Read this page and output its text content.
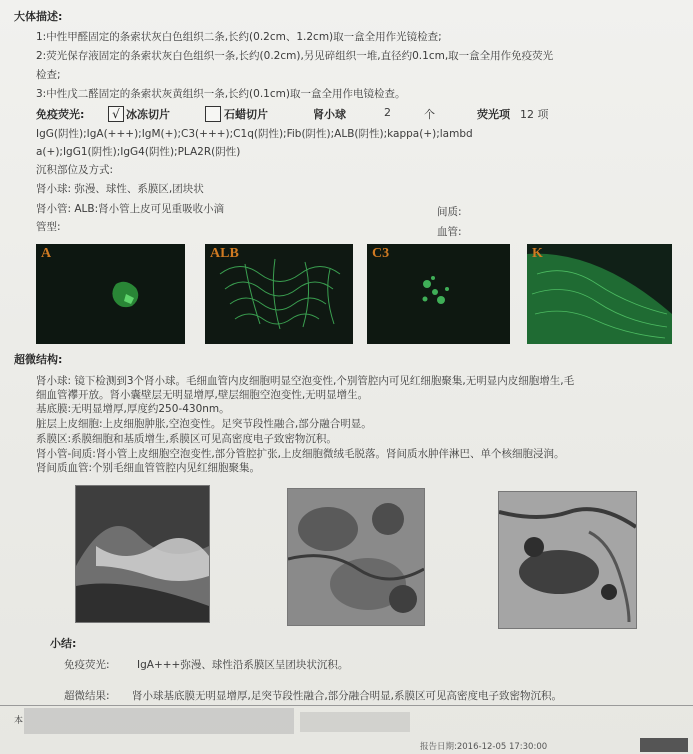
大体描述:
1:中性甲醛固定的条索状灰白色组织二条,长约(0.2cm、1.2cm)取一盒全用作光镜检查;
2:荧光保存液固定的条索状灰白色组织一条,长约(0.2cm),另见碎组织一堆,直径约0.1cm,取一盒全用作免疫荧光
检查;
3:中性戊二醛固定的条索状灰黄组织一条,长约(0.1cm)取一盒全用作电镜检查。
免疫荧光:	√ 冰冻切片	石蜡切片	肾小球	2	个	荧光项 12 项
IgG(阴性);IgA(+++);IgM(+);C3(+++);C1q(阴性);Fib(阴性);ALB(阴性);kappa(+);lambd
a(+);IgG1(阴性);IgG4(阴性);PLA2R(阴性)
沉积部位及方式:
肾小球: 弥漫、球性、系膜区,团块状
肾小管: ALB:肾小管上皮可见重吸收小滴
管型:
间质:
血管:
A	ALB	C3	K
超微结构:
肾小球: 镜下检测到3个肾小球。毛细血管内皮细胞明显空泡变性,个别管腔内可见红细胞聚集,无明显内皮细胞增生,毛
细血管襻开放。肾小囊壁层无明显增厚,壁层细胞空泡变性,无明显增生。
基底膜:无明显增厚,厚度约250-430nm。
脏层上皮细胞:上皮细胞肿胀,空泡变性。足突节段性融合,部分融合明显。
系膜区:系膜细胞和基质增生,系膜区可见高密度电子致密物沉积。
肾小管-间质:肾小管上皮细胞空泡变性,部分管腔扩张,上皮细胞微绒毛脱落。肾间质水肿伴淋巴、单个核细胞浸润。
肾间质血管:个别毛细血管管腔内见红细胞聚集。
小结:
免疫荧光:	IgA+++弥漫、球性沿系膜区呈团块状沉积。
超微结果: 肾小球基底膜无明显增厚,足突节段性融合,部分融合明显,系膜区可见高密度电子致密物沉积。
本
报告日期:2016-12-05 17:30:00
